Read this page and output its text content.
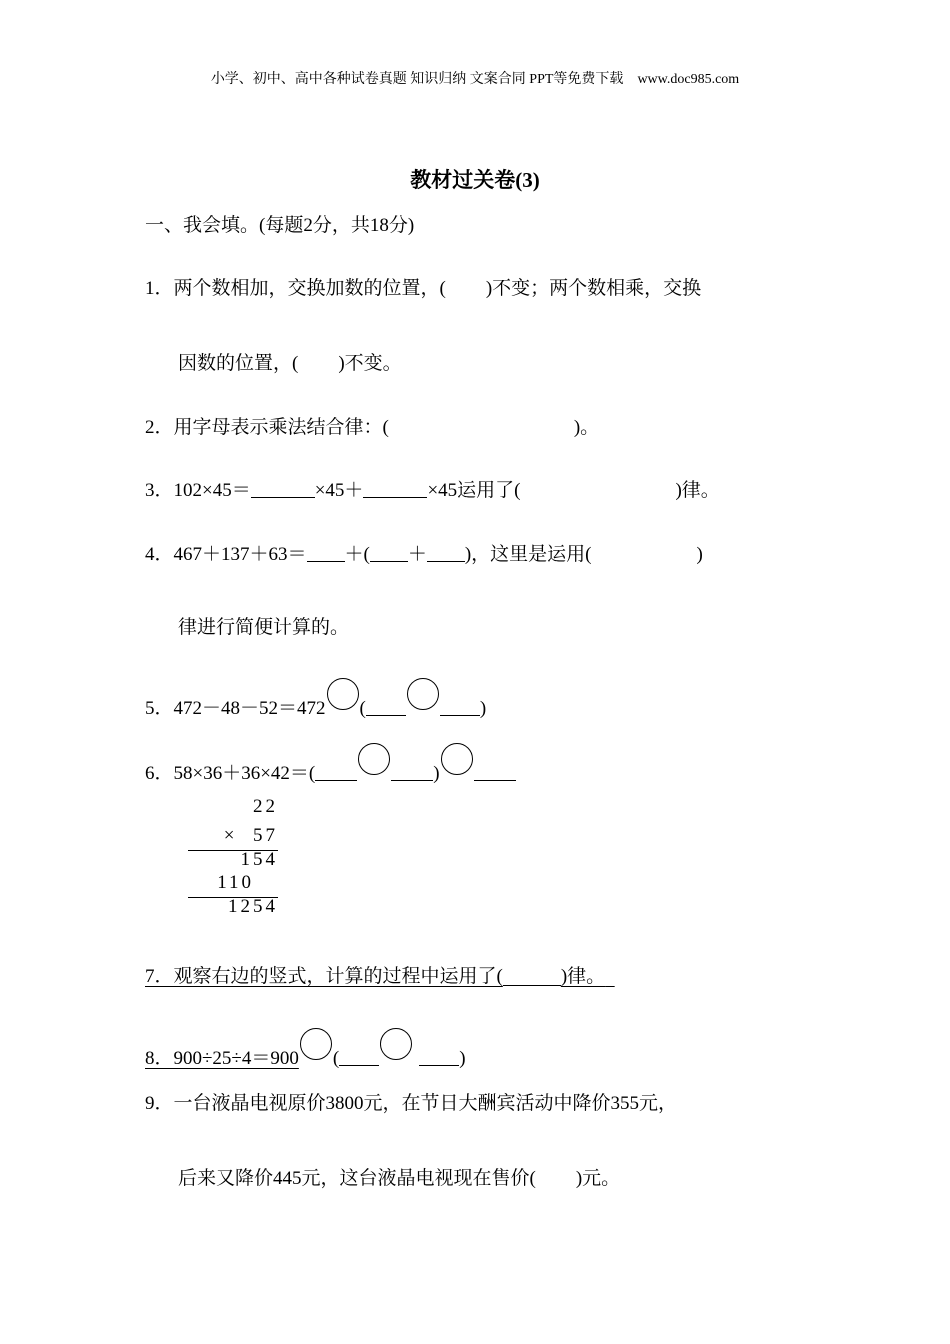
小学、初中、高中各种试卷真题 知识归纳 文案合同 PPT等免费下载 www.doc985.com
教材过关卷(3)
一、我会填。(每题2分，共18分)
1．两个数相加，交换加数的位置，( )不变；两个数相乘，交换
因数的位置，( )不变。
2．用字母表示乘法结合律：(	)。
3．102×45＝	×45＋	×45运用了(	)律。
4．467＋137＋63＝ ＋( ＋ )，这里是运用(	)
律进行简便计算的。
5．472－48－52＝472 (	)
6．58×36＋36×42＝(	)
22
×  57
154
110
1254
7．观察右边的竖式，计算的过程中运用了(	)律。
8．900÷25÷4＝900 (	)
9．一台液晶电视原价3800元，在节日大酬宾活动中降价355元，
后来又降价445元，这台液晶电视现在售价( )元。
